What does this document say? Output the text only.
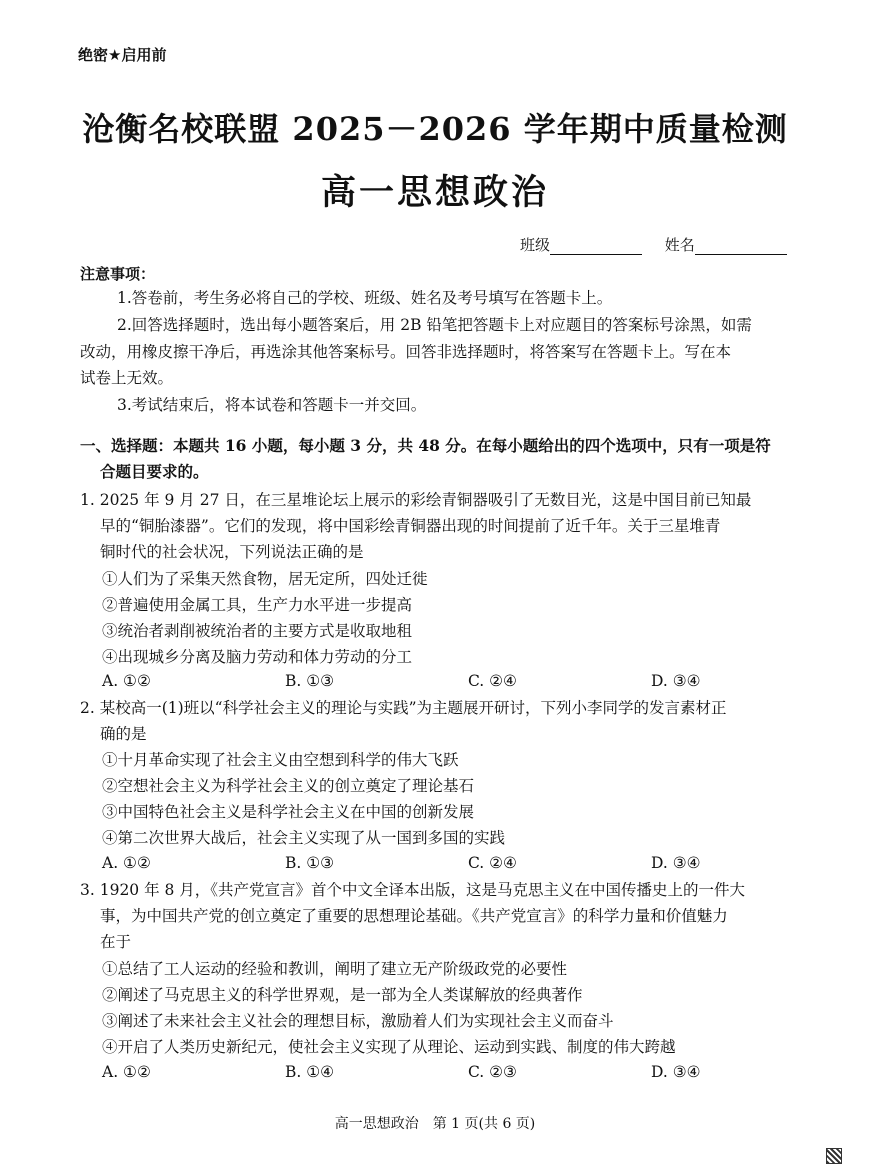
绝密★启用前
沧衡名校联盟 2025－2026 学年期中质量检测
高一思想政治
班级	姓名
注意事项：
1.答卷前，考生务必将自己的学校、班级、姓名及考号填写在答题卡上。
2.回答选择题时，选出每小题答案后，用 2B 铅笔把答题卡上对应题目的答案标号涂黑，如需
改动，用橡皮擦干净后，再选涂其他答案标号。回答非选择题时，将答案写在答题卡上。写在本
试卷上无效。
3.考试结束后，将本试卷和答题卡一并交回。
一、选择题：本题共 16 小题，每小题 3 分，共 48 分。在每小题给出的四个选项中，只有一项是符
合题目要求的。
1. 2025 年 9 月 27 日，在三星堆论坛上展示的彩绘青铜器吸引了无数目光，这是中国目前已知最
早的“铜胎漆器”。它们的发现，将中国彩绘青铜器出现的时间提前了近千年。关于三星堆青
铜时代的社会状况，下列说法正确的是
①人们为了采集天然食物，居无定所，四处迁徙
②普遍使用金属工具，生产力水平进一步提高
③统治者剥削被统治者的主要方式是收取地租
④出现城乡分离及脑力劳动和体力劳动的分工
A. ①②	B. ①③	C. ②④	D. ③④
2. 某校高一(1)班以“科学社会主义的理论与实践”为主题展开研讨，下列小李同学的发言素材正
确的是
①十月革命实现了社会主义由空想到科学的伟大飞跃
②空想社会主义为科学社会主义的创立奠定了理论基石
③中国特色社会主义是科学社会主义在中国的创新发展
④第二次世界大战后，社会主义实现了从一国到多国的实践
A. ①②	B. ①③	C. ②④	D. ③④
3. 1920 年 8 月，《共产党宣言》首个中文全译本出版，这是马克思主义在中国传播史上的一件大
事，为中国共产党的创立奠定了重要的思想理论基础。《共产党宣言》的科学力量和价值魅力
在于
①总结了工人运动的经验和教训，阐明了建立无产阶级政党的必要性
②阐述了马克思主义的科学世界观，是一部为全人类谋解放的经典著作
③阐述了未来社会主义社会的理想目标，激励着人们为实现社会主义而奋斗
④开启了人类历史新纪元，使社会主义实现了从理论、运动到实践、制度的伟大跨越
A. ①②	B. ①④	C. ②③	D. ③④
高一思想政治　第 1 页(共 6 页)
